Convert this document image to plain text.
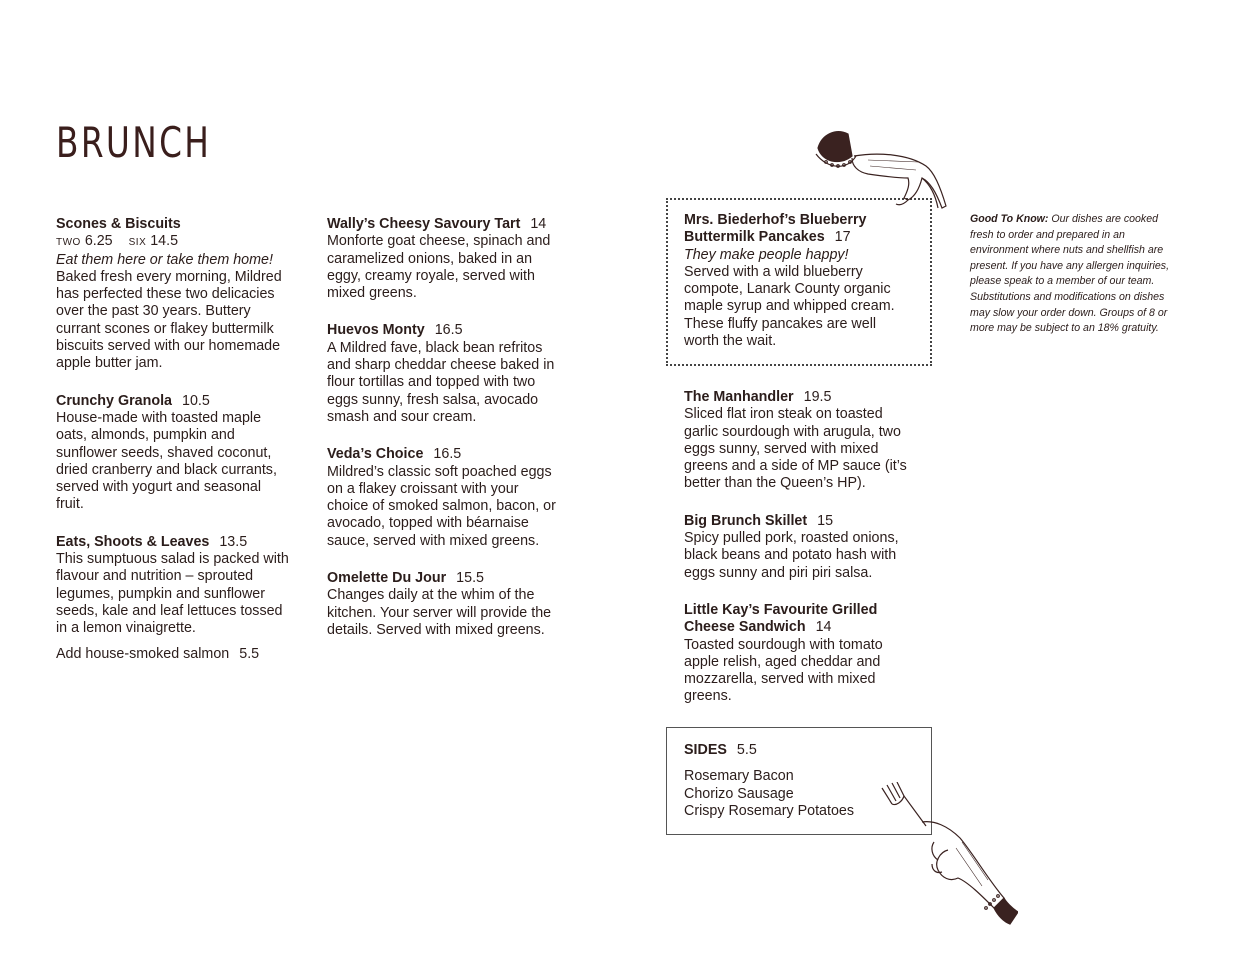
BRUNCH
Scones & Biscuits
TWO 6.25 SIX 14.5
Eat them here or take them home!
Baked fresh every morning, Mildred has perfected these two delicacies over the past 30 years. Buttery currant scones or flakey buttermilk biscuits served with our homemade apple butter jam.
Crunchy Granola 10.5
House-made with toasted maple oats, almonds, pumpkin and sunflower seeds, shaved coconut, dried cranberry and black currants, served with yogurt and seasonal fruit.
Eats, Shoots & Leaves 13.5
This sumptuous salad is packed with flavour and nutrition – sprouted legumes, pumpkin and sunflower seeds, kale and leaf lettuces tossed in a lemon vinaigrette.
Add house-smoked salmon 5.5
Wally’s Cheesy Savoury Tart 14
Monforte goat cheese, spinach and caramelized onions, baked in an eggy, creamy royale, served with mixed greens.
Huevos Monty 16.5
A Mildred fave, black bean refritos and sharp cheddar cheese baked in flour tortillas and topped with two eggs sunny, fresh salsa, avocado smash and sour cream.
Veda’s Choice 16.5
Mildred’s classic soft poached eggs on a flakey croissant with your choice of smoked salmon, bacon, or avocado, topped with béarnaise sauce, served with mixed greens.
Omelette Du Jour 15.5
Changes daily at the whim of the kitchen. Your server will provide the details. Served with mixed greens.
Mrs. Biederhof’s Blueberry
Buttermilk Pancakes 17
They make people happy!
Served with a wild blueberry compote, Lanark County organic maple syrup and whipped cream. These fluffy pancakes are well worth the wait.
The Manhandler 19.5
Sliced flat iron steak on toasted garlic sourdough with arugula, two eggs sunny, served with mixed greens and a side of MP sauce (it’s better than the Queen’s HP).
Big Brunch Skillet 15
Spicy pulled pork, roasted onions, black beans and potato hash with eggs sunny and piri piri salsa.
Little Kay’s Favourite Grilled
Cheese Sandwich 14
Toasted sourdough with tomato apple relish, aged cheddar and mozzarella, served with mixed greens.
SIDES 5.5
Rosemary Bacon
Chorizo Sausage
Crispy Rosemary Potatoes
Good To Know: Our dishes are cooked fresh to order and prepared in an environment where nuts and shellfish are present. If you have any allergen inquiries, please speak to a member of our team. Substitutions and modifications on dishes may slow your order down. Groups of 8 or more may be subject to an 18% gratuity.
